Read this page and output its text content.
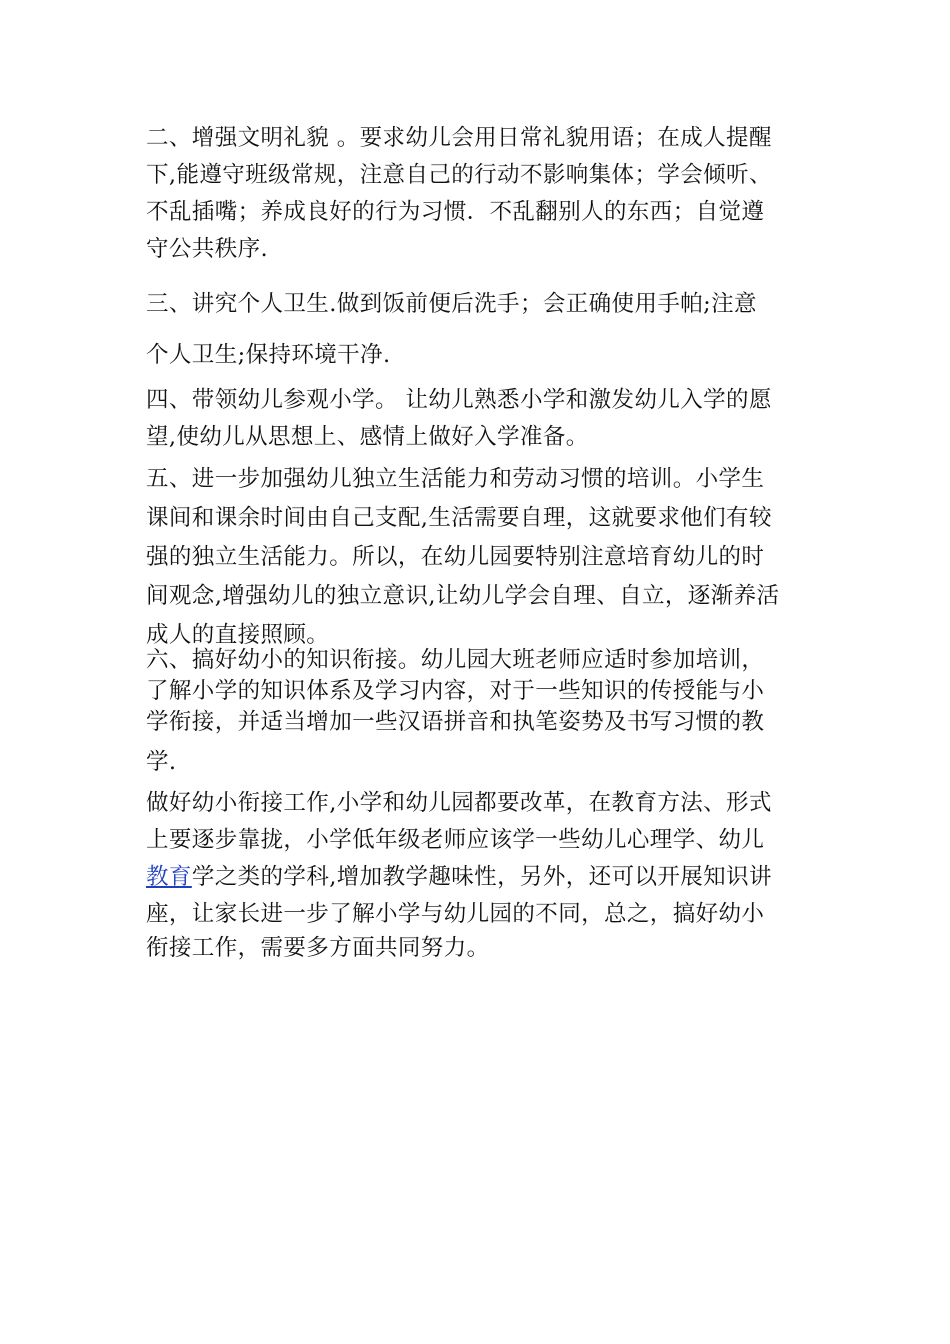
二、增强文明礼貌 。要求幼儿会用日常礼貌用语；在成人提醒
下,能遵守班级常规，注意自己的行动不影响集体；学会倾听、
不乱插嘴；养成良好的行为习惯．不乱翻别人的东西；自觉遵
守公共秩序.

三、讲究个人卫生.做到饭前便后洗手；会正确使用手帕;注意

个人卫生;保持环境干净.

四、带领幼儿参观小学。 让幼儿熟悉小学和激发幼儿入学的愿
望,使幼儿从思想上、感情上做好入学准备。

五、进一步加强幼儿独立生活能力和劳动习惯的培训。小学生
课间和课余时间由自己支配,生活需要自理，这就要求他们有较
强的独立生活能力。所以，在幼儿园要特别注意培育幼儿的时
间观念,增强幼儿的独立意识,让幼儿学会自理、自立，逐渐养活
成人的直接照顾。

六、搞好幼小的知识衔接。幼儿园大班老师应适时参加培训，
了解小学的知识体系及学习内容，对于一些知识的传授能与小
学衔接，并适当增加一些汉语拼音和执笔姿势及书写习惯的教
学.

做好幼小衔接工作,小学和幼儿园都要改革，在教育方法、形式
上要逐步靠拢，小学低年级老师应该学一些幼儿心理学、幼儿
教育学之类的学科,增加教学趣味性，另外，还可以开展知识讲
座，让家长进一步了解小学与幼儿园的不同，总之，搞好幼小
衔接工作，需要多方面共同努力。
